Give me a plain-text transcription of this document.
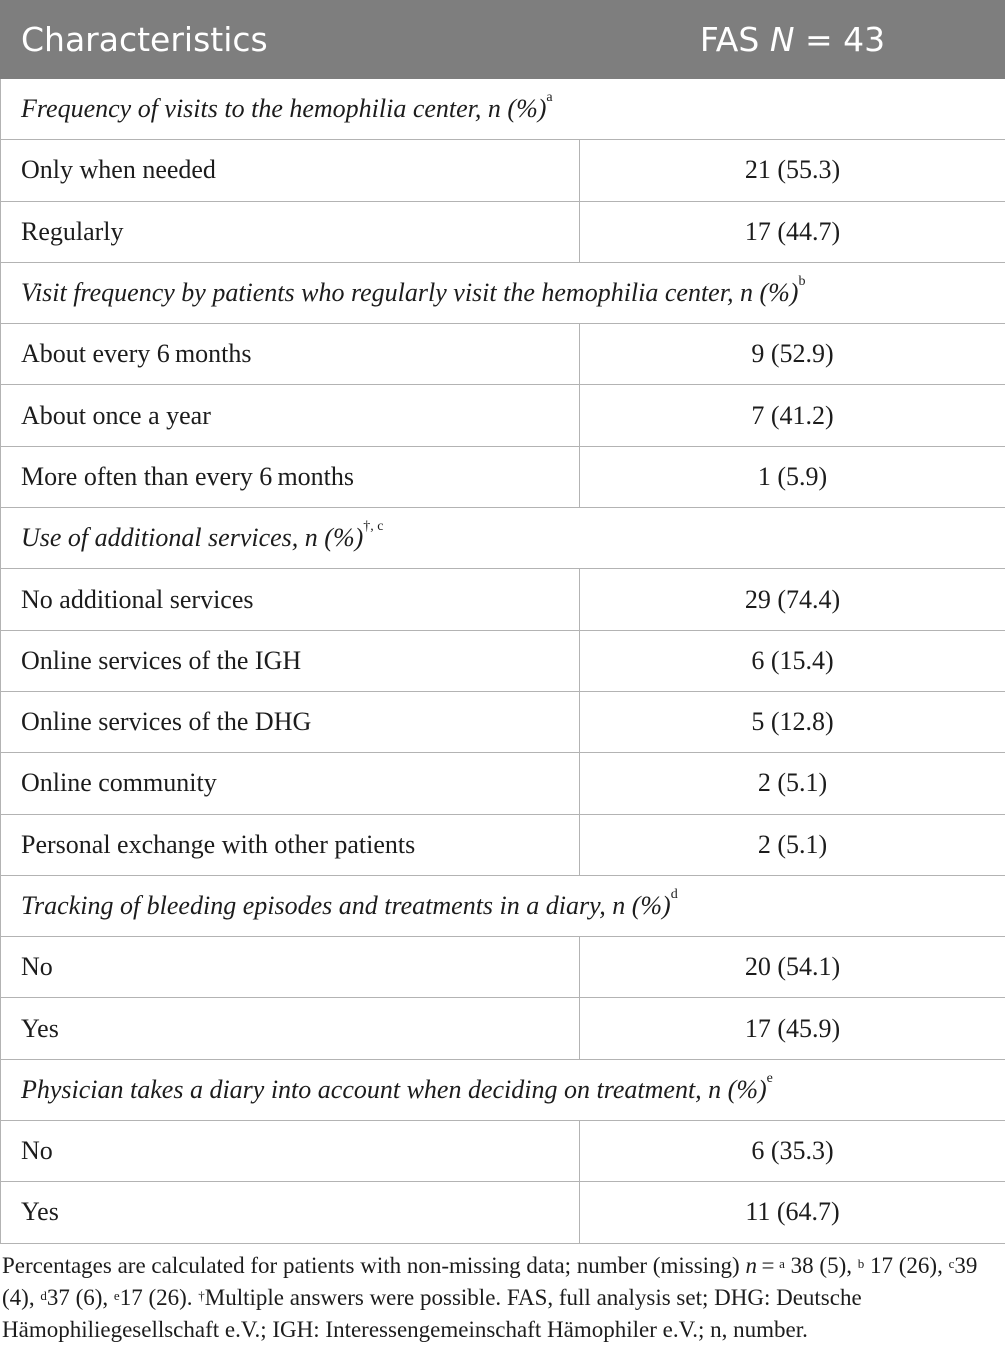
Characteristics	FAS N = 43
Frequency of visits to the hemophilia center, n (%)$^a$
Only when needed	21 (55.3)
Regularly	17 (44.7)
Visit frequency by patients who regularly visit the hemophilia center, n (%)$^b$
About every 6 months	9 (52.9)
About once a year	7 (41.2)
More often than every 6 months	1 (5.9)
Use of additional services, n (%)$^{\dagger, c}$
No additional services	29 (74.4)
Online services of the IGH	6 (15.4)
Online services of the DHG	5 (12.8)
Online community	2 (5.1)
Personal exchange with other patients	2 (5.1)
Tracking of bleeding episodes and treatments in a diary, n (%)$^d$
No	20 (54.1)
Yes	17 (45.9)
Physician takes a diary into account when deciding on treatment, n (%)$^e$
No	6 (35.3)
Yes	11 (64.7)
Percentages are calculated for patients with non-missing data; number (missing) n = $^a$ 38 (5), $^b$ 17 (26), $^c$39 (4), $^d$37 (6), $^e$17 (26). †Multiple answers were possible. FAS, full analysis set; DHG: Deutsche Hämophiliegesellschaft e.V.; IGH: Interessengemeinschaft Hämophiler e.V.; n, number.
